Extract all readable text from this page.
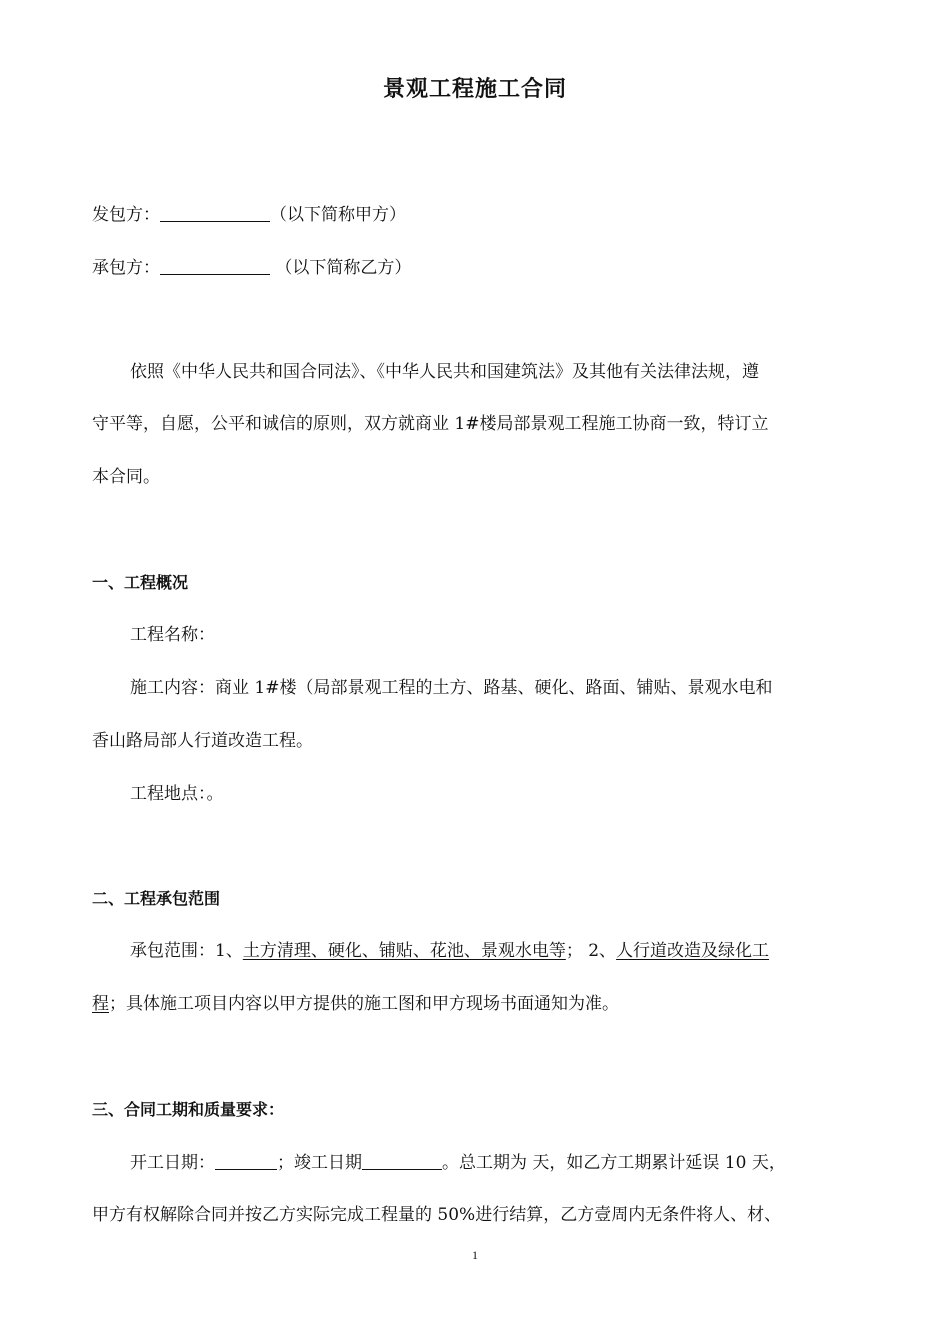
景观工程施工合同
发包方：	（以下简称甲方）
承包方：	（以下简称乙方）
依照《中华人民共和国合同法》、《中华人民共和国建筑法》及其他有关法律法规，遵
守平等，自愿，公平和诚信的原则，双方就商业 1#楼局部景观工程施工协商一致，特订立
本合同。
一、工程概况
工程名称：
施工内容：商业 1#楼（局部景观工程的土方、路基、硬化、路面、铺贴、景观水电和
香山路局部人行道改造工程。
工程地点：。
二、工程承包范围
承包范围：1、土方清理、硬化、铺贴、花池、景观水电等； 2、人行道改造及绿化工
程；具体施工项目内容以甲方提供的施工图和甲方现场书面通知为准。
三、合同工期和质量要求：
开工日期：	；竣工日期	。总工期为 天，如乙方工期累计延误 10 天，
甲方有权解除合同并按乙方实际完成工程量的 50%进行结算，乙方壹周内无条件将人、材、
1
